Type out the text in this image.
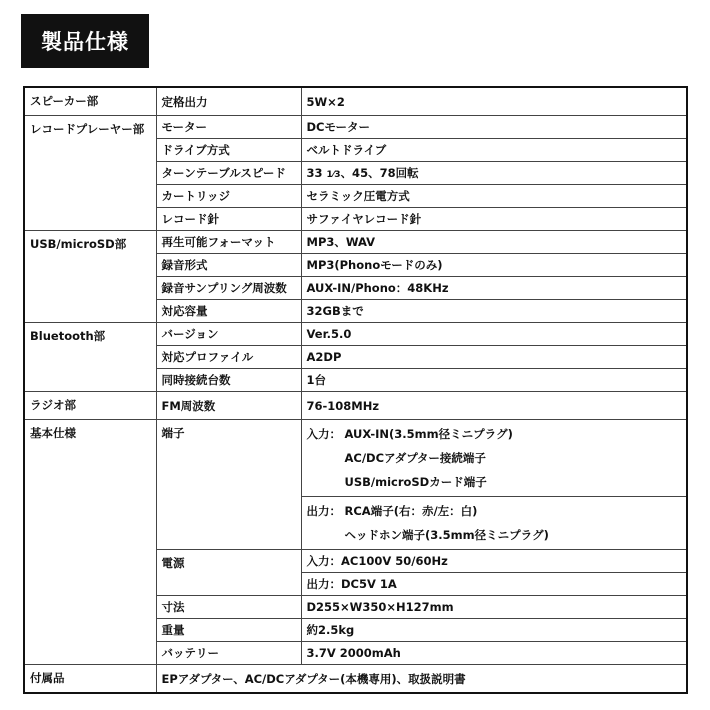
製品仕様
スピーカー部	定格出力	5W×2
レコードプレーヤー部	モーター	DCモーター
	ドライブ方式	ベルトドライブ
	ターンテーブルスピード	33 1⁄3、45、78回転
	カートリッジ	セラミック圧電方式
	レコード針	サファイヤレコード針
USB/microSD部	再生可能フォーマット	MP3、WAV
	録音形式	MP3(Phonoモードのみ)
	録音サンプリング周波数	AUX-IN/Phono：48KHz
	対応容量	32GBまで
Bluetooth部	バージョン	Ver.5.0
	対応プロファイル	A2DP
	同時接続台数	1台
ラジオ部	FM周波数	76-108MHz
基本仕様	端子	入力： AUX-IN(3.5mm径ミニプラグ)
AC/DCアダプター接続端子
USB/microSDカード端子

		出力： RCA端子(右：赤/左：白)
ヘッドホン端子(3.5mm径ミニプラグ)

	電源	入力：AC100V 50/60Hz
		出力：DC5V 1A
	寸法	D255×W350×H127mm
	重量	約2.5kg
	バッテリー	3.7V 2000mAh
付属品	EPアダプター、AC/DCアダプター(本機専用)、取扱説明書	
